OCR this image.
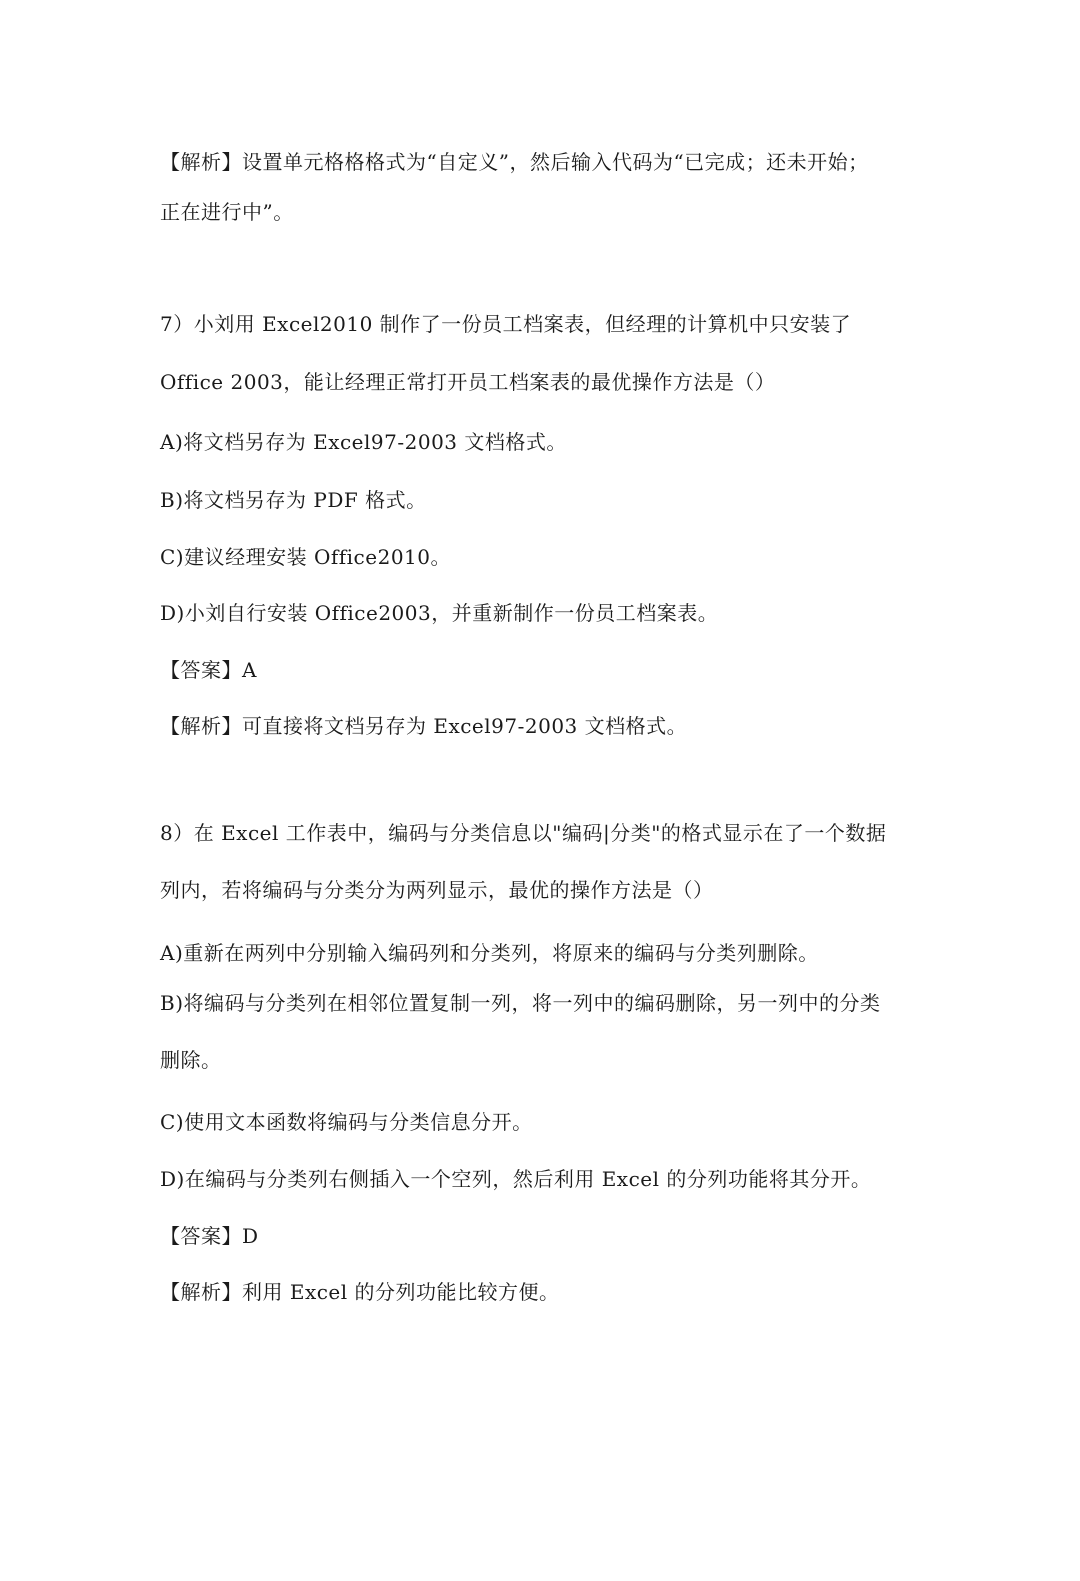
【解析】设置单元格格格式为“自定义”，然后输入代码为“已完成；还未开始；

正在进行中”。

7）小刘用 Excel2010 制作了一份员工档案表，但经理的计算机中只安装了

Office 2003，能让经理正常打开员工档案表的最优操作方法是（）

A)将文档另存为 Excel97-2003 文档格式。

B)将文档另存为 PDF 格式。

C)建议经理安装 Office2010。

D)小刘自行安装 Office2003，并重新制作一份员工档案表。

【答案】A

【解析】可直接将文档另存为 Excel97-2003 文档格式。

8）在 Excel 工作表中，编码与分类信息以"编码|分类"的格式显示在了一个数据

列内，若将编码与分类分为两列显示，最优的操作方法是（）

A)重新在两列中分别输入编码列和分类列，将原来的编码与分类列删除。

B)将编码与分类列在相邻位置复制一列，将一列中的编码删除，另一列中的分类

删除。

C)使用文本函数将编码与分类信息分开。

D)在编码与分类列右侧插入一个空列，然后利用 Excel 的分列功能将其分开。

【答案】D

【解析】利用 Excel 的分列功能比较方便。
